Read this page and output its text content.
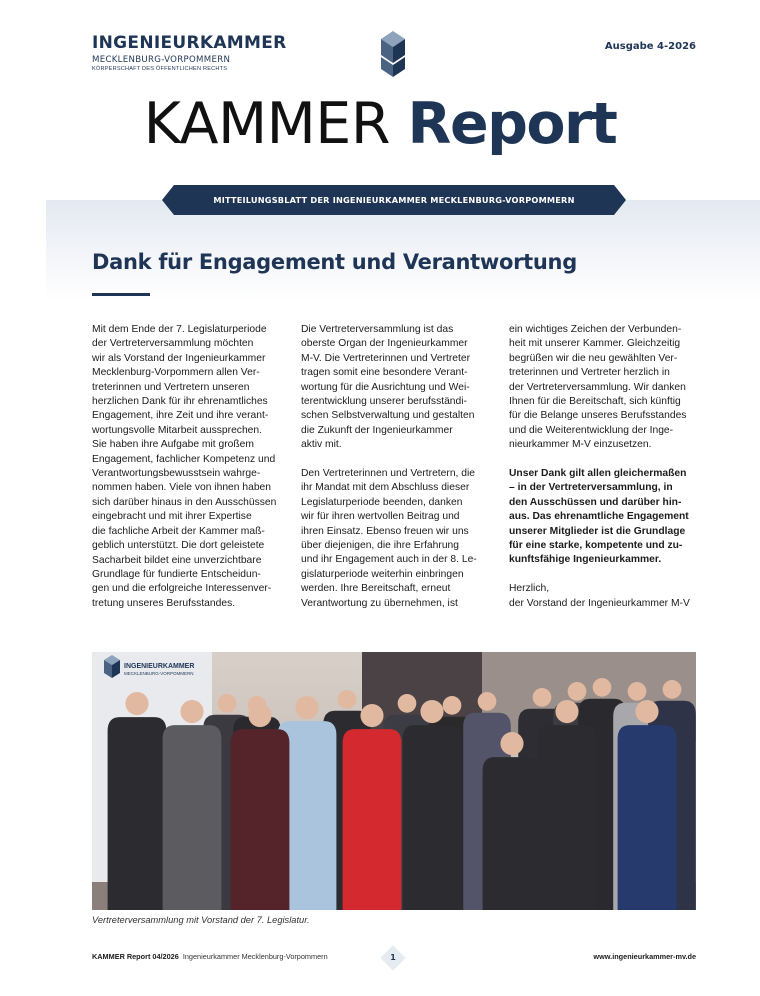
INGENIEURKAMMER
MECKLENBURG-VORPOMMERN
KÖRPERSCHAFT DES ÖFFENTLICHEN RECHTS
Ausgabe 4-2026
KAMMER Report
MITTEILUNGSBLATT DER INGENIEURKAMMER MECKLENBURG-VORPOMMERN
Dank für Engagement und Verantwortung

Mit dem Ende der 7. Legislaturperiode
der Vertreterversammlung möchten
wir als Vorstand der Ingenieurkammer
Mecklenburg-Vorpommern allen Ver-
treterinnen und Vertretern unseren
herzlichen Dank für ihr ehrenamtliches
Engagement, ihre Zeit und ihre verant-
wortungsvolle Mitarbeit aussprechen.
Sie haben ihre Aufgabe mit großem
Engagement, fachlicher Kompetenz und
Verantwortungsbewusstsein wahrge-
nommen haben. Viele von ihnen haben
sich darüber hinaus in den Ausschüssen
eingebracht und mit ihrer Expertise
die fachliche Arbeit der Kammer maß-
geblich unterstützt. Die dort geleistete
Sacharbeit bildet eine unverzichtbare
Grundlage für fundierte Entscheidun-
gen und die erfolgreiche Interessenver-
tretung unseres Berufsstandes.

Die Vertreterversammlung ist das
oberste Organ der Ingenieurkammer
M-V. Die Vertreterinnen und Vertreter
tragen somit eine besondere Verant-
wortung für die Ausrichtung und Wei-
terentwicklung unserer berufsständi-
schen Selbstverwaltung und gestalten
die Zukunft der Ingenieurkammer
aktiv mit.

Den Vertreterinnen und Vertretern, die
ihr Mandat mit dem Abschluss dieser
Legislaturperiode beenden, danken
wir für ihren wertvollen Beitrag und
ihren Einsatz. Ebenso freuen wir uns
über diejenigen, die ihre Erfahrung
und ihr Engagement auch in der 8. Le-
gislaturperiode weiterhin einbringen
werden. Ihre Bereitschaft, erneut
Verantwortung zu übernehmen, ist

ein wichtiges Zeichen der Verbunden-
heit mit unserer Kammer. Gleichzeitig
begrüßen wir die neu gewählten Ver-
treterinnen und Vertreter herzlich in
der Vertreterversammlung. Wir danken
Ihnen für die Bereitschaft, sich künftig
für die Belange unseres Berufsstandes
und die Weiterentwicklung der Inge-
nieurkammer M-V einzusetzen.

Unser Dank gilt allen gleichermaßen
– in der Vertreterversammlung, in
den Ausschüssen und darüber hin-
aus. Das ehrenamtliche Engagement
unserer Mitglieder ist die Grundlage
für eine starke, kompetente und zu-
kunftsfähige Ingenieurkammer.

Herzlich,
der Vorstand der Ingenieurkammer M-V

INGENIEURKAMMER
MECKLENBURG-VORPOMMERN
Vertreterversammlung mit Vorstand der 7. Legislatur.
KAMMER Report 04/2026 Ingenieurkammer Mecklenburg-Vorpommern	1	www.ingenieurkammer-mv.de
